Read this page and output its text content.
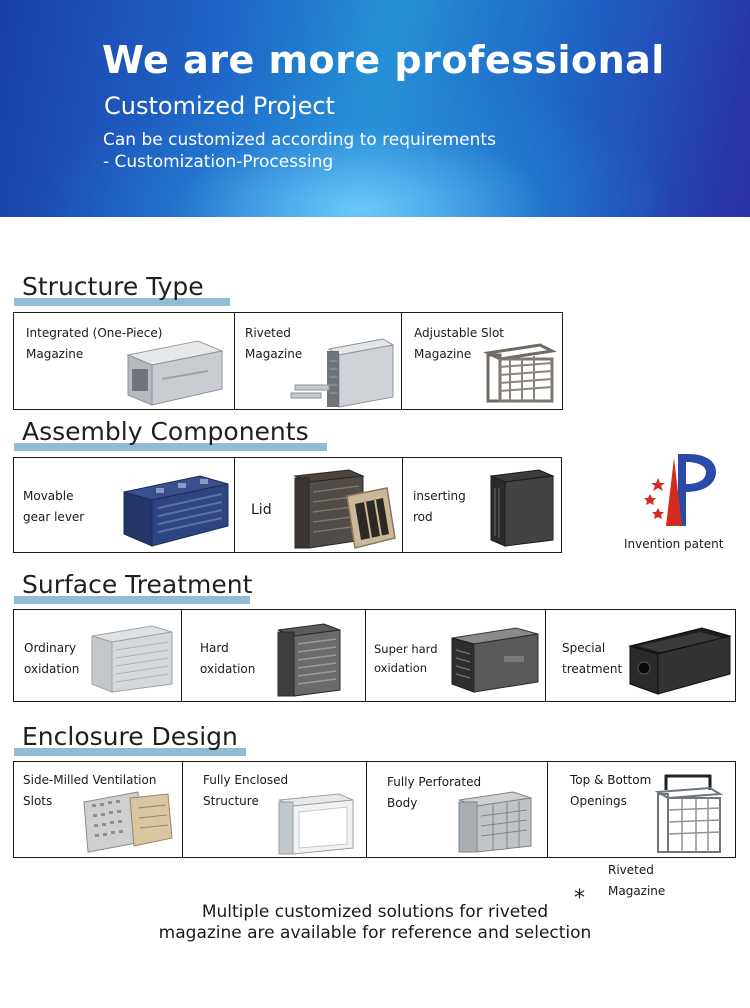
We are more professional
Customized Project
Can be customized according to requirements
- Customization-Processing
Structure Type
Integrated (One-Piece)
Magazine
Riveted
Magazine
Adjustable Slot
Magazine
Assembly Components
Movable
gear lever	Lid
inserting
rod
Invention patent
Surface Treatment
Ordinary
oxidation
Hard
oxidation
Super hard
oxidation
Special
treatment
Enclosure Design
Side-Milled Ventilation
Slots
Fully Enclosed
Structure
Fully Perforated
Body
Top & Bottom
Openings
Riveted
Magazine
*
Multiple customized solutions for riveted
magazine are available for reference and selection
